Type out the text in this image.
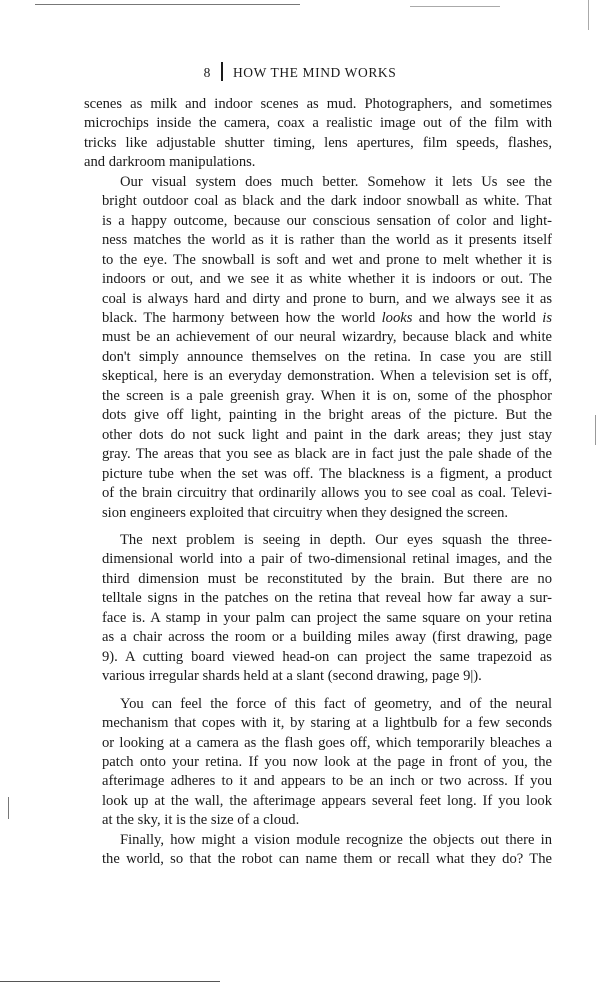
8 HOW THE MIND WORKS

scenes as milk and indoor scenes as mud. Photographers, and sometimes
microchips inside the camera, coax a realistic image out of the film with
tricks like adjustable shutter timing, lens apertures, film speeds, flashes,
and darkroom manipulations.

Our visual system does much better. Somehow it lets Us see the
bright outdoor coal as black and the dark indoor snowball as white. That
is a happy outcome, because our conscious sensation of color and light-
ness matches the world as it is rather than the world as it presents itself
to the eye. The snowball is soft and wet and prone to melt whether it is
indoors or out, and we see it as white whether it is indoors or out. The
coal is always hard and dirty and prone to burn, and we always see it as
black. The harmony between how the world looks and how the world is
must be an achievement of our neural wizardry, because black and white
don't simply announce themselves on the retina. In case you are still
skeptical, here is an everyday demonstration. When a television set is off,
the screen is a pale greenish gray. When it is on, some of the phosphor
dots give off light, painting in the bright areas of the picture. But the
other dots do not suck light and paint in the dark areas; they just stay
gray. The areas that you see as black are in fact just the pale shade of the
picture tube when the set was off. The blackness is a figment, a product
of the brain circuitry that ordinarily allows you to see coal as coal. Televi-
sion engineers exploited that circuitry when they designed the screen.

The next problem is seeing in depth. Our eyes squash the three-
dimensional world into a pair of two-dimensional retinal images, and the
third dimension must be reconstituted by the brain. But there are no
telltale signs in the patches on the retina that reveal how far away a sur-
face is. A stamp in your palm can project the same square on your retina
as a chair across the room or a building miles away (first drawing, page
9). A cutting board viewed head-on can project the same trapezoid as
various irregular shards held at a slant (second drawing, page 9|).

You can feel the force of this fact of geometry, and of the neural
mechanism that copes with it, by staring at a lightbulb for a few seconds
or looking at a camera as the flash goes off, which temporarily bleaches a
patch onto your retina. If you now look at the page in front of you, the
afterimage adheres to it and appears to be an inch or two across. If you
look up at the wall, the afterimage appears several feet long. If you look
at the sky, it is the size of a cloud.

Finally, how might a vision module recognize the objects out there in
the world, so that the robot can name them or recall what they do? The
